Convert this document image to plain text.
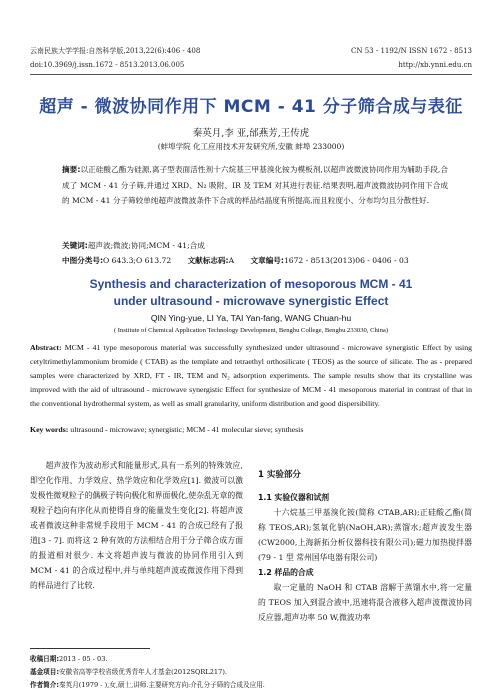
云南民族大学学报:自然科学版,2013,22(6):406 - 408
doi:10.3969/j.issn.1672 - 8513.2013.06.005
CN 53 - 1192/N ISSN 1672 - 8513
http://xb.ynni.edu.cn
超声 - 微波协同作用下 MCM - 41 分子筛合成与表征
秦英月,李 亚,邰燕芳,王传虎
(蚌埠学院 化工应用技术开发研究所,安徽 蚌埠 233000)
摘要:以正硅酸乙酯为硅源,离子型表面活性剂十六烷基三甲基溴化铵为模板剂,以超声波微波协同作用为辅助手段,合成了 MCM - 41 分子筛,并通过 XRD、N₂ 吸附、IR 及 TEM 对其进行表征.结果表明,超声波微波协同作用下合成的 MCM - 41 分子筛较单纯超声波微波条件下合成的样品结晶度有所提高,而且粒度小、分布均匀且分散性好.
关键词:超声波;微波;协同;MCM - 41;合成
中图分类号:O 643.3;O 613.72 文献标志码:A 文章编号:1672 - 8513(2013)06 - 0406 - 03
Synthesis and characterization of mesoporous MCM - 41
under ultrasound - microwave synergistic Effect
QIN Ying-yue, LI Ya, TAI Yan-fang, WANG Chuan-hu
( Institute of Chemical Application Technology Development, Bengbu College, Bengbu 233030, China)
Abstract: MCM - 41 type mesoporous material was successfully synthesized under ultrasound - microwave synergistic Effect by using cetyltrimethylammonium bromide ( CTAB) as the template and tetraethyl orthosilicate ( TEOS) as the source of silicate. The as - prepared samples were characterized by XRD, FT - IR, TEM and N₂ adsorption experiments. The sample results show that its crystalline was improved with the aid of ultrasound - microwave synergistic Effect for synthesize of MCM - 41 mesoporous material in contrast of that in the conventional hydrothermal system, as well as small granularity, uniform distribution and good dispersibility.
Key words: ultrasound - microwave; synergistic; MCM - 41 molecular sieve; synthesis
超声波作为波动形式和能量形式,具有一系列的特殊效应,即空化作用、力学效应、热学效应和化学效应[1]. 微波可以激发极性微观粒子的偶极子转向极化和界面极化,使杂乱无章的微观粒子趋向有序化从而使得自身的能量发生变化[2]. 将超声波或者微波这种非常规手段用于 MCM - 41 的合成已经有了报道[3 - 7]. 而将这 2 种有效的方法相结合用于分子筛合成方面的报道相对很少. 本文将超声波与微波的协同作用引入到 MCM - 41 的合成过程中,并与单纯超声波或微波作用下得到的样品进行了比较.
1 实验部分
1.1 实验仪器和试剂
十六烷基三甲基溴化铵(简称 CTAB,AR);正硅酸乙酯(简称 TEOS,AR);氢氧化钠(NaOH,AR);蒸馏水;超声波发生器(CW2000,上海新拓分析仪器科技有限公司);磁力加热搅拌器(79 - 1 型 常州国华电器有限公司)
1.2 样品的合成
取一定量的 NaOH 和 CTAB 溶解于蒸馏水中,将一定量的 TEOS 加入到混合液中,迅速将混合液移入超声波微波协同反应器,超声功率 50 W,微波功率
收稿日期:2013 - 05 - 03.
基金项目:安徽省高等学校省级优秀青年人才基金(2012SQRL217).
作者简介:秦英月(1979 - ),女,硕士,讲师.主要研究方向:介孔分子筛的合成及应用.
